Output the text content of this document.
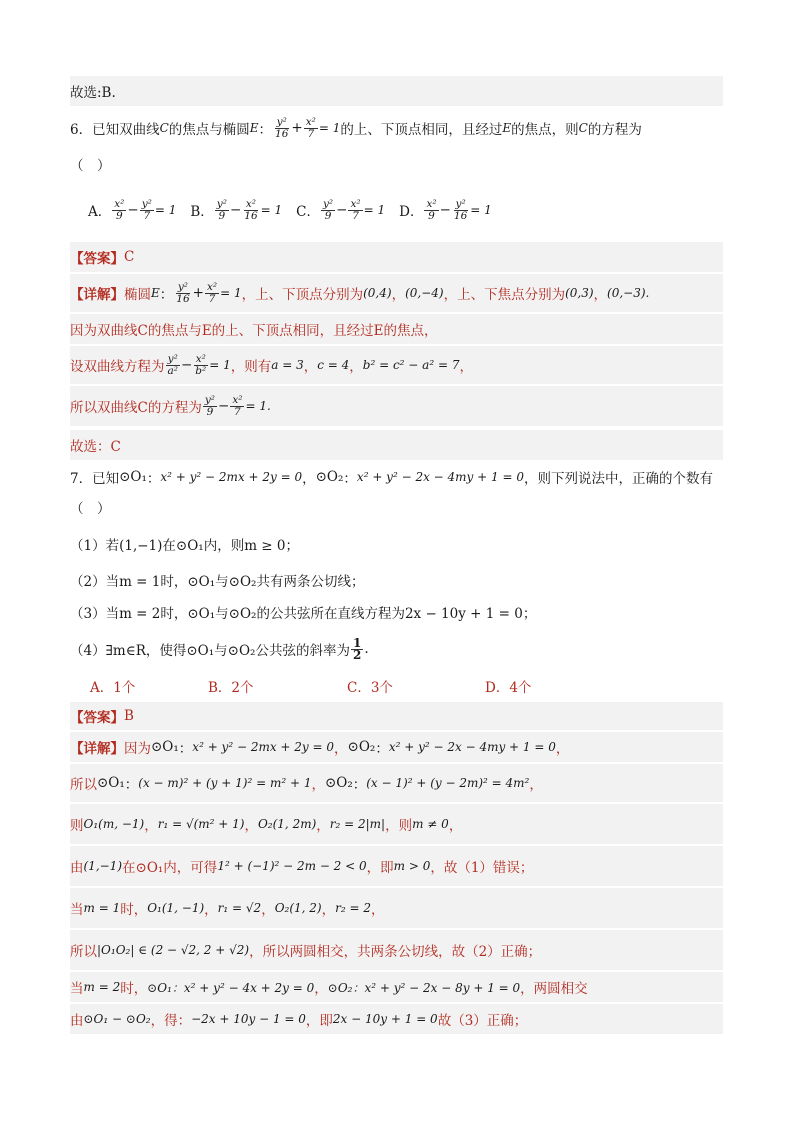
故选:B.
6．已知双曲线 C 的焦点与椭圆 E ： $\frac{\text{y²}}{16} + \frac{\text{x²}}{7} = 1$ 的上、下顶点相同，且经过 E 的焦点，则 C 的方程为
（　）
A． $\frac{\text{x²}}{9} - \frac{\text{y²}}{7} = 1$ B． $\frac{\text{y²}}{9} - \frac{\text{x²}}{16} = 1$ C． $\frac{\text{y²}}{9} - \frac{\text{x²}}{7} = 1$ D． $\frac{\text{x²}}{9} - \frac{\text{y²}}{16} = 1$
【答案】 C
【详解】 椭圆 E ： $\frac{\text{y²}}{16} + \frac{\text{x²}}{7} = 1$ ，上、下顶点分别为 (0,4) ， (0,−4) ，上、下焦点分别为 (0,3) ， (0,−3).
因为双曲线C的焦点与E的上、下顶点相同，且经过E的焦点，
设双曲线方程为 $\frac{\text{y²}}{\text{a²}} - \frac{\text{x²}}{\text{b²}} = 1$ ，则有 a = 3 ， c = 4 ， b² = c² − a² = 7 ，
所以双曲线C的方程为 $\frac{\text{y²}}{9} - \frac{\text{x²}}{7} = 1$.
故选：C
7．已知 ⊙O₁ ： x² + y² − 2mx + 2y = 0 ， ⊙O₂ ： x² + y² − 2x − 4my + 1 = 0 ，则下列说法中，正确的个数有
（　）
（1）若(1,−1)在⊙O₁内，则m ≥ 0；
（2）当m = 1时，⊙O₁与⊙O₂共有两条公切线；
（3）当m = 2时，⊙O₁与⊙O₂的公共弦所在直线方程为2x − 10y + 1 = 0；
（4）∃m∈R，使得⊙O₁与⊙O₂公共弦的斜率为 $\frac{1}{2}$ .
A．1个	B．2个	C．3个	D．4个
【答案】 B
【详解】 因为 ⊙O₁ ： x² + y² − 2mx + 2y = 0 ， ⊙O₂ ： x² + y² − 2x − 4my + 1 = 0 ，
所以 ⊙O₁ ： (x − m)² + (y + 1)² = m² + 1 ， ⊙O₂ ： (x − 1)² + (y − 2m)² = 4m² ，
则 O₁(m, −1) ， r₁ = √(m² + 1) ， O₂(1, 2m) ， r₂ = 2|m| ，则 m ≠ 0 ，
由 (1,−1) 在⊙O₁内，可得 1² + (−1)² − 2m − 2 < 0 ，即 m > 0 ，故（1）错误；
当 m = 1 时， O₁(1, −1) ， r₁ = √2 ， O₂(1, 2) ， r₂ = 2 ，
所以 |O₁O₂| ∈ (2 − √2, 2 + √2) ，所以两圆相交，共两条公切线，故（2）正确；
当 m = 2 时， ⊙O₁：x² + y² − 4x + 2y = 0 ， ⊙O₂：x² + y² − 2x − 8y + 1 = 0 ，两圆相交
由 ⊙O₁ − ⊙O₂ ，得： −2x + 10y − 1 = 0 ，即 2x − 10y + 1 = 0 故（3）正确；
